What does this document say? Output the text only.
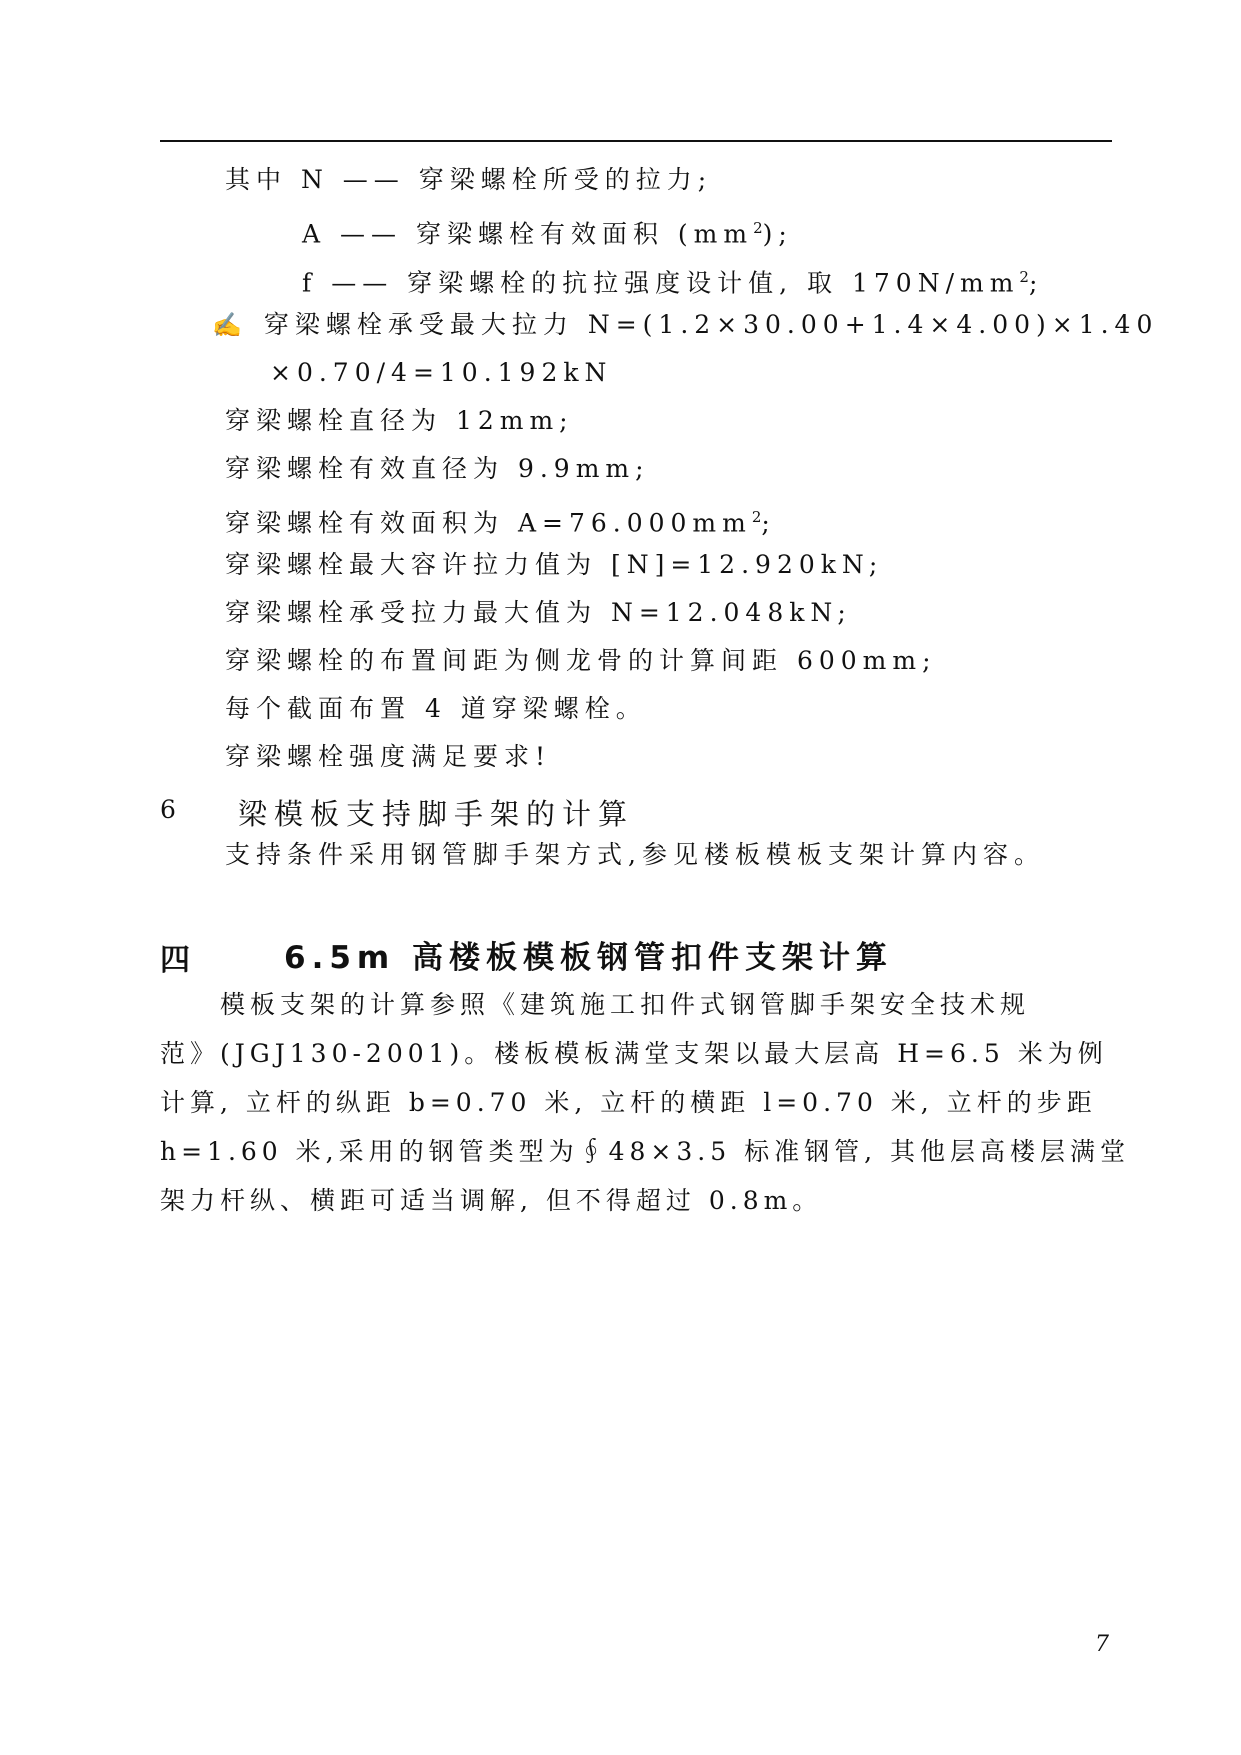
其中 N —— 穿梁螺栓所受的拉力;
A —— 穿梁螺栓有效面积 $(mm^2)$;
f —— 穿梁螺栓的抗拉强度设计值, 取 $170N/mm^2$;
✍ 穿梁螺栓承受最大拉力 N=(1.2×30.00+1.4×4.00)×1.40
×0.70/4=10.192kN
穿梁螺栓直径为 12mm;
穿梁螺栓有效直径为 9.9mm;
穿梁螺栓有效面积为 $A=76.000mm^2$;
穿梁螺栓最大容许拉力值为 [N]=12.920kN;
穿梁螺栓承受拉力最大值为 N=12.048kN;
穿梁螺栓的布置间距为侧龙骨的计算间距 600mm;
每个截面布置 4 道穿梁螺栓。
穿梁螺栓强度满足要求!
6 梁模板支持脚手架的计算
支持条件采用钢管脚手架方式,参见楼板模板支架计算内容。
四	6.5m 高楼板模板钢管扣件支架计算
　　模板支架的计算参照《建筑施工扣件式钢管脚手架安全技术规
范》(JGJ130-2001)。楼板模板满堂支架以最大层高 H=6.5 米为例
计算, 立杆的纵距 b=0.70 米, 立杆的横距 l=0.70 米, 立杆的步距
h=1.60 米,采用的钢管类型为∮48×3.5 标准钢管, 其他层高楼层满堂
架力杆纵、横距可适当调解, 但不得超过 0.8m。
7
